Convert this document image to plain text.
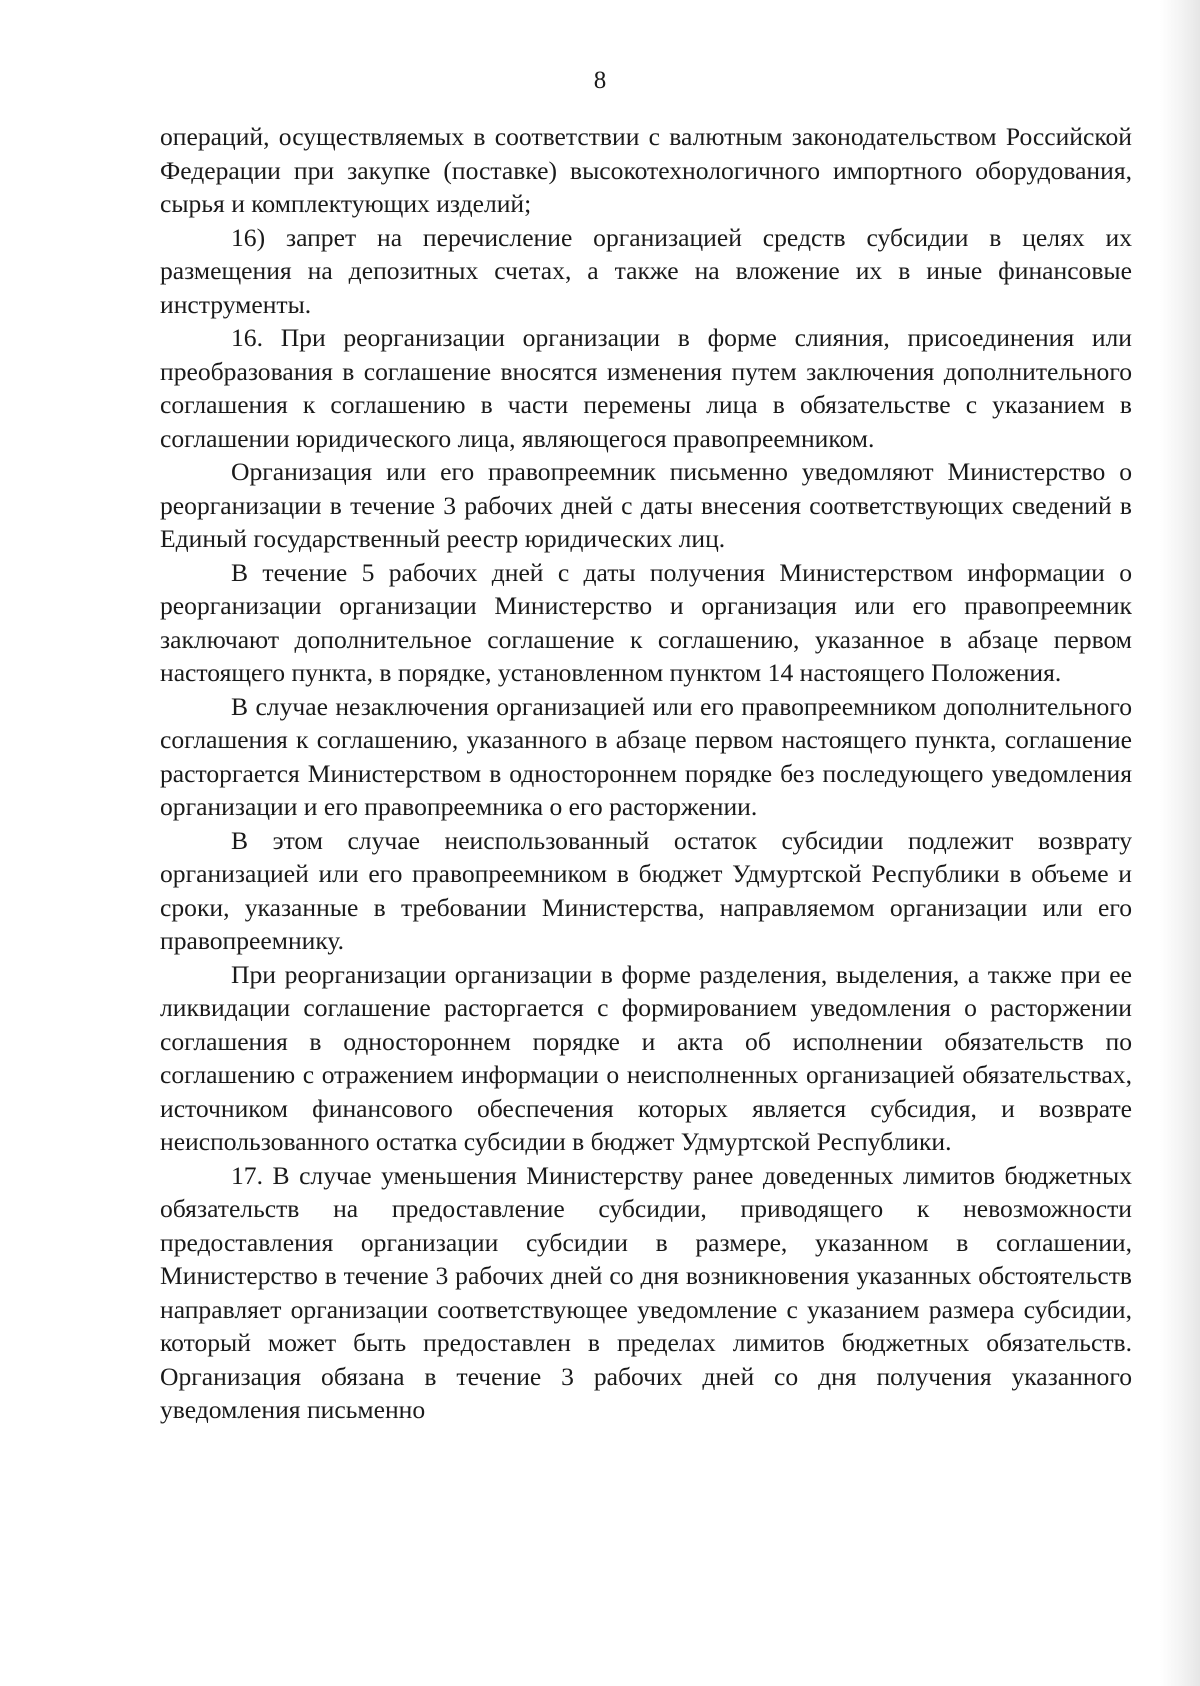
8

операций, осуществляемых в соответствии с валютным законодательством Российской Федерации при закупке (поставке) высокотехнологичного импортного оборудования, сырья и комплектующих изделий;

16) запрет на перечисление организацией средств субсидии в целях их размещения на депозитных счетах, а также на вложение их в иные финансовые инструменты.

16. При реорганизации организации в форме слияния, присоединения или преобразования в соглашение вносятся изменения путем заключения дополнительного соглашения к соглашению в части перемены лица в обязательстве с указанием в соглашении юридического лица, являющегося правопреемником.

Организация или его правопреемник письменно уведомляют Министерство о реорганизации в течение 3 рабочих дней с даты внесения соответствующих сведений в Единый государственный реестр юридических лиц.

В течение 5 рабочих дней с даты получения Министерством информации о реорганизации организации Министерство и организация или его правопреемник заключают дополнительное соглашение к соглашению, указанное в абзаце первом настоящего пункта, в порядке, установленном пунктом 14 настоящего Положения.

В случае незаключения организацией или его правопреемником дополнительного соглашения к соглашению, указанного в абзаце первом настоящего пункта, соглашение расторгается Министерством в одностороннем порядке без последующего уведомления организации и его правопреемника о его расторжении.

В этом случае неиспользованный остаток субсидии подлежит возврату организацией или его правопреемником в бюджет Удмуртской Республики в объеме и сроки, указанные в требовании Министерства, направляемом организации или его правопреемнику.

При реорганизации организации в форме разделения, выделения, а также при ее ликвидации соглашение расторгается с формированием уведомления о расторжении соглашения в одностороннем порядке и акта об исполнении обязательств по соглашению с отражением информации о неисполненных организацией обязательствах, источником финансового обеспечения которых является субсидия, и возврате неиспользованного остатка субсидии в бюджет Удмуртской Республики.

17. В случае уменьшения Министерству ранее доведенных лимитов бюджетных обязательств на предоставление субсидии, приводящего к невозможности предоставления организации субсидии в размере, указанном в соглашении, Министерство в течение 3 рабочих дней со дня возникновения указанных обстоятельств направляет организации соответствующее уведомление с указанием размера субсидии, который может быть предоставлен в пределах лимитов бюджетных обязательств. Организация обязана в течение 3 рабочих дней со дня получения указанного уведомления письменно
